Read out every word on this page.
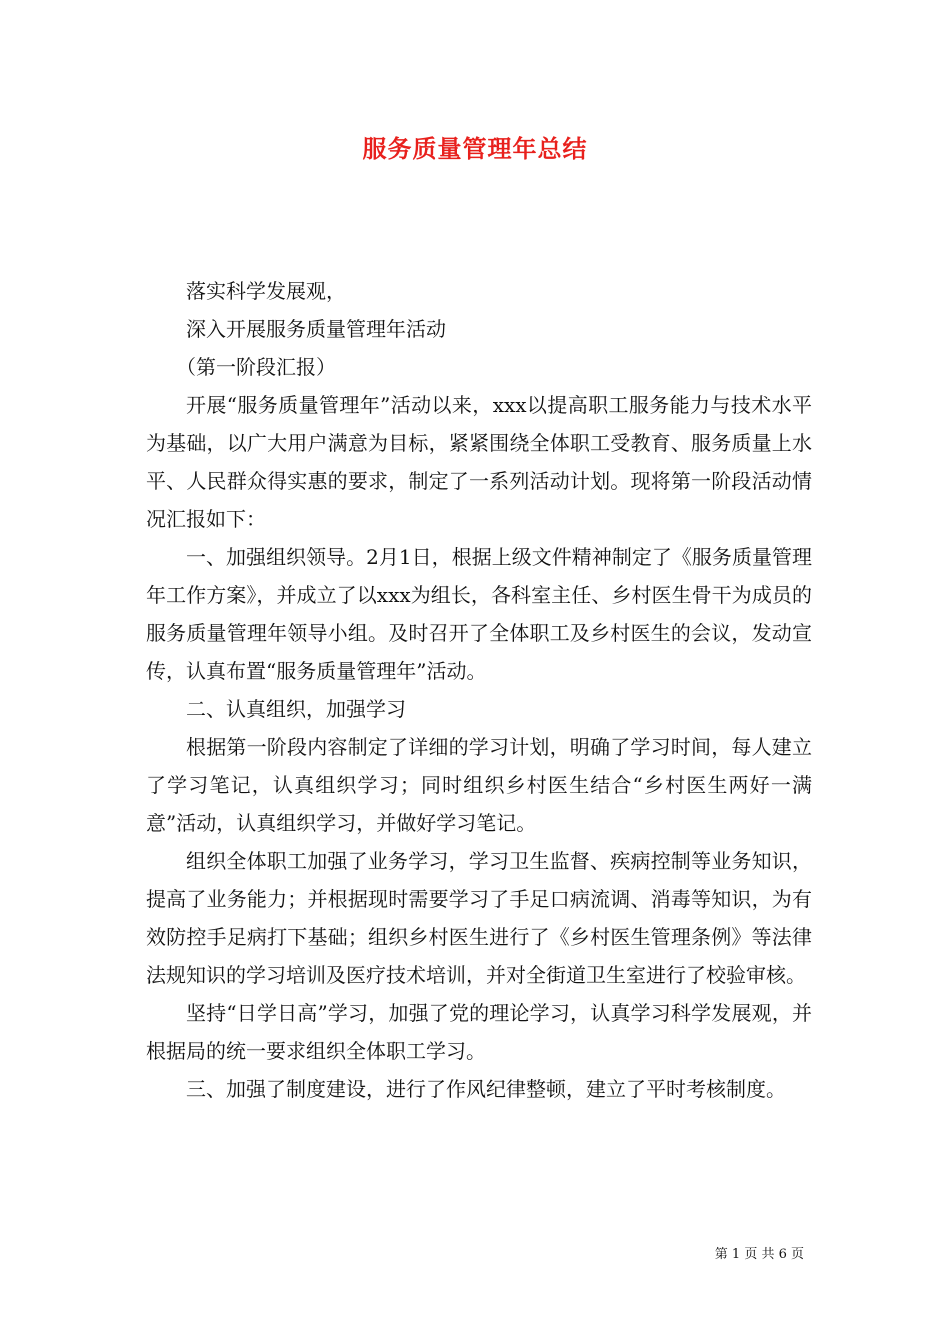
服务质量管理年总结

落实科学发展观，

深入开展服务质量管理年活动

（第一阶段汇报）

开展“服务质量管理年”活动以来，xxx以提高职工服务能力与技术水平为基础，以广大用户满意为目标，紧紧围绕全体职工受教育、服务质量上水平、人民群众得实惠的要求，制定了一系列活动计划。现将第一阶段活动情况汇报如下：

一、加强组织领导。2月1日，根据上级文件精神制定了《服务质量管理年工作方案》，并成立了以xxx为组长，各科室主任、乡村医生骨干为成员的服务质量管理年领导小组。及时召开了全体职工及乡村医生的会议，发动宣传，认真布置“服务质量管理年”活动。

二、认真组织，加强学习

根据第一阶段内容制定了详细的学习计划，明确了学习时间，每人建立了学习笔记，认真组织学习；同时组织乡村医生结合“乡村医生两好一满意”活动，认真组织学习，并做好学习笔记。

组织全体职工加强了业务学习，学习卫生监督、疾病控制等业务知识，提高了业务能力；并根据现时需要学习了手足口病流调、消毒等知识，为有效防控手足病打下基础；组织乡村医生进行了《乡村医生管理条例》等法律法规知识的学习培训及医疗技术培训，并对全街道卫生室进行了校验审核。

坚持“日学日高”学习，加强了党的理论学习，认真学习科学发展观，并根据局的统一要求组织全体职工学习。

三、加强了制度建设，进行了作风纪律整顿，建立了平时考核制度。

第 1 页 共 6 页
